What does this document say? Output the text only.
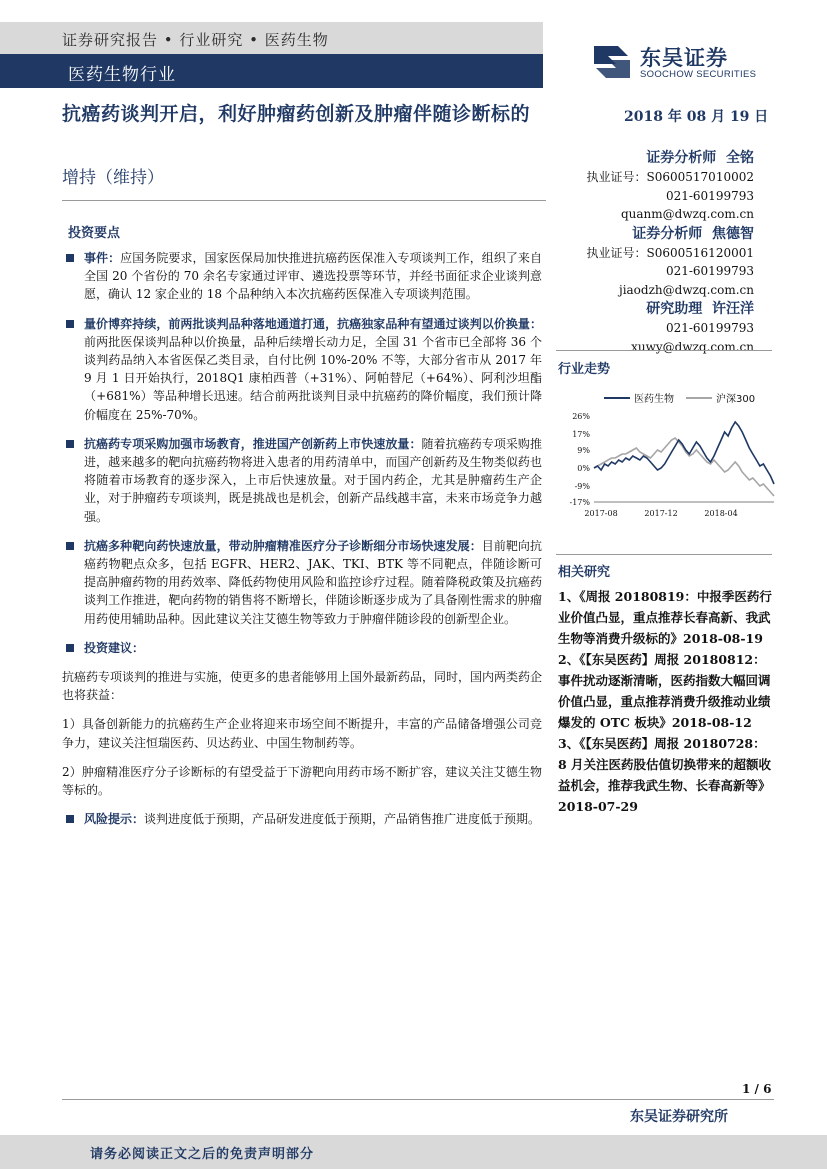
证券研究报告 • 行业研究 • 医药生物
医药生物行业
东吴证券
SOOCHOW SECURITIES
抗癌药谈判开启，利好肿瘤药创新及肿瘤伴随诊断标的
增持（维持）
2018 年 08 月 19 日
证券分析师 全铭
执业证号：S0600517010002
021-60199793
quanm@dwzq.com.cn
证券分析师 焦德智
执业证号：S0600516120001
021-60199793
jiaodzh@dwzq.com.cn
研究助理 许汪洋
021-60199793
xuwy@dwzq.com.cn
行业走势
医药生物	沪深300
26%
17%
9%
0%
-9%
-17%
2017-08	2017-12	2018-04
相关研究
1、《周报 20180819：中报季医药行业价值凸显，重点推荐长春高新、我武生物等消费升级标的》2018-08-19
2、《【东吴医药】周报 20180812：事件扰动逐渐清晰，医药指数大幅回调价值凸显，重点推荐消费升级推动业绩爆发的 OTC 板块》2018-08-12
3、《【东吴医药】周报 20180728：8 月关注医药股估值切换带来的超额收益机会，推荐我武生物、长春高新等》2018-07-29
投资要点
事件：应国务院要求，国家医保局加快推进抗癌药医保准入专项谈判工作，组织了来自全国 20 个省份的 70 余名专家通过评审、遴选投票等环节，并经书面征求企业谈判意愿，确认 12 家企业的 18 个品种纳入本次抗癌药医保准入专项谈判范围。
量价博弈持续，前两批谈判品种落地通道打通，抗癌独家品种有望通过谈判以价换量：前两批医保谈判品种以价换量，品种后续增长动力足，全国 31 个省市已全部将 36 个谈判药品纳入本省医保乙类目录，自付比例 10%-20% 不等，大部分省市从 2017 年 9 月 1 日开始执行，2018Q1 康柏西普（+31%）、阿帕替尼（+64%）、阿利沙坦酯（+681%）等品种增长迅速。结合前两批谈判目录中抗癌药的降价幅度，我们预计降价幅度在 25%-70%。
抗癌药专项采购加强市场教育，推进国产创新药上市快速放量：随着抗癌药专项采购推进，越来越多的靶向抗癌药物将进入患者的用药清单中，而国产创新药及生物类似药也将随着市场教育的逐步深入，上市后快速放量。对于国内药企，尤其是肿瘤药生产企业，对于肿瘤药专项谈判，既是挑战也是机会，创新产品线越丰富，未来市场竞争力越强。
抗癌多种靶向药快速放量，带动肿瘤精准医疗分子诊断细分市场快速发展：目前靶向抗癌药物靶点众多，包括 EGFR、HER2、JAK、TKI、BTK 等不同靶点，伴随诊断可提高肿瘤药物的用药效率、降低药物使用风险和监控诊疗过程。随着降税政策及抗癌药谈判工作推进，靶向药物的销售将不断增长，伴随诊断逐步成为了具备刚性需求的肿瘤用药使用辅助品种。因此建议关注艾德生物等致力于肿瘤伴随诊段的创新型企业。
投资建议：
抗癌药专项谈判的推进与实施，使更多的患者能够用上国外最新药品，同时，国内两类药企也将获益：
1）具备创新能力的抗癌药生产企业将迎来市场空间不断提升，丰富的产品储备增强公司竞争力，建议关注恒瑞医药、贝达药业、中国生物制药等。
2）肿瘤精准医疗分子诊断标的有望受益于下游靶向用药市场不断扩容，建议关注艾德生物等标的。
风险提示：谈判进度低于预期，产品研发进度低于预期，产品销售推广进度低于预期。
1 / 6
东吴证券研究所
请务必阅读正文之后的免责声明部分
